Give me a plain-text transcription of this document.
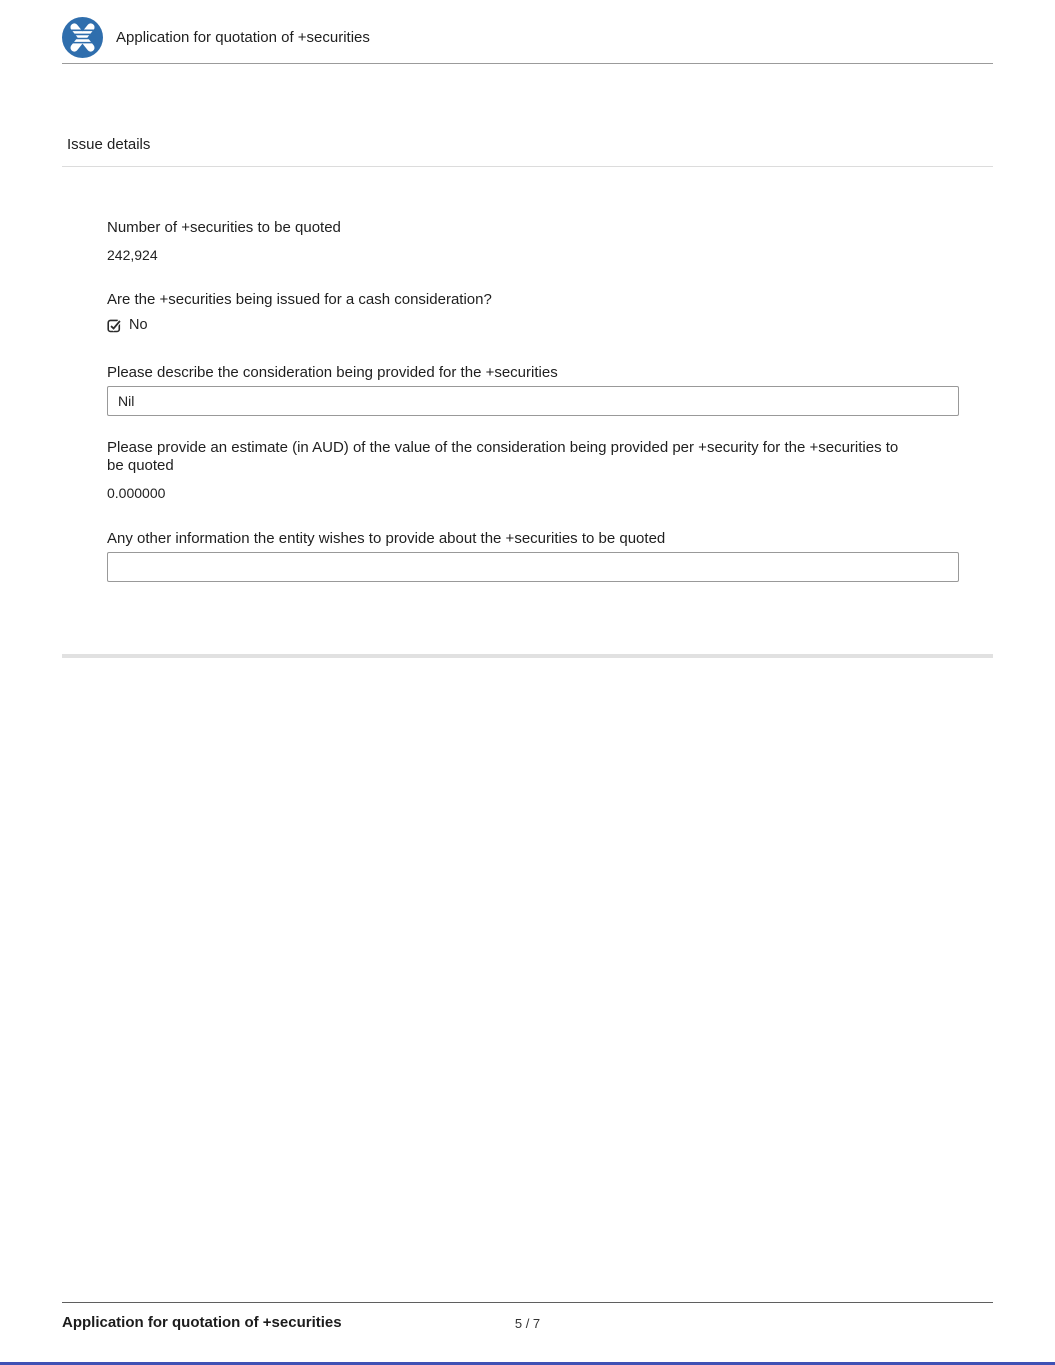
Application for quotation of +securities
Issue details
Number of +securities to be quoted
242,924
Are the +securities being issued for a cash consideration?
No
Please describe the consideration being provided for the +securities
Nil
Please provide an estimate (in AUD) of the value of the consideration being provided per +security for the +securities to be quoted
0.000000
Any other information the entity wishes to provide about the +securities to be quoted
Application for quotation of +securities	5 / 7
